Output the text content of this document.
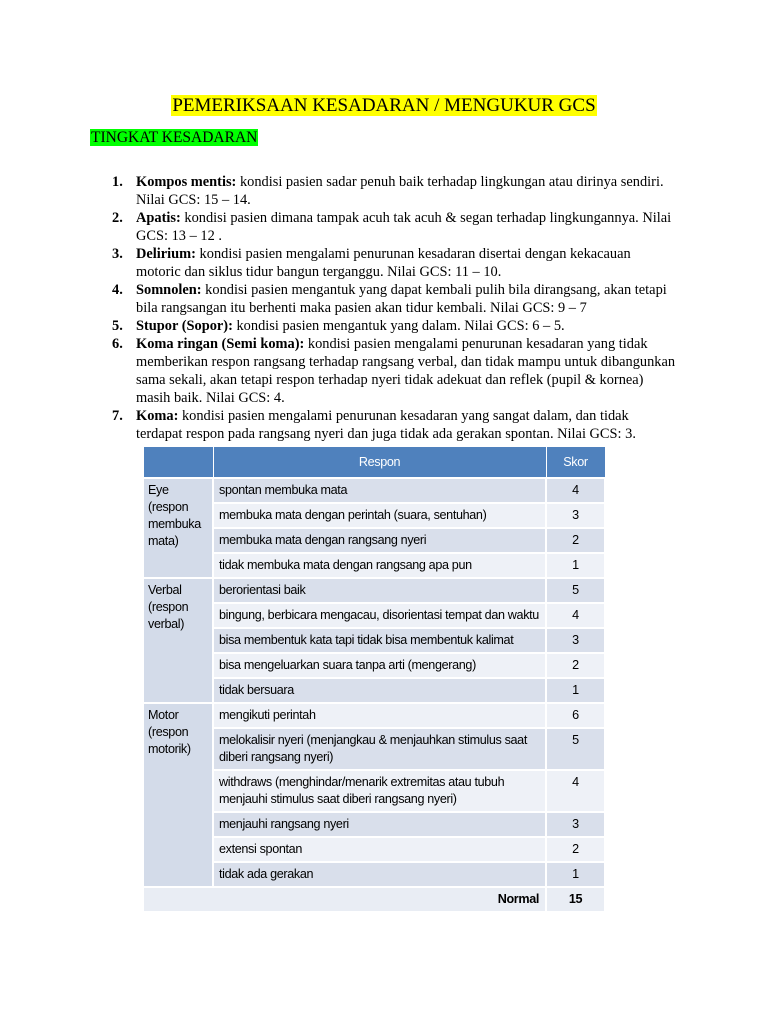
PEMERIKSAAN KESADARAN / MENGUKUR GCS
TINGKAT KESADARAN
1. Kompos mentis: kondisi pasien sadar penuh baik terhadap lingkungan atau dirinya sendiri. Nilai GCS: 15 – 14.
2. Apatis: kondisi pasien dimana tampak acuh tak acuh & segan terhadap lingkungannya. Nilai GCS: 13 – 12 .
3. Delirium: kondisi pasien mengalami penurunan kesadaran disertai dengan kekacauan motoric dan siklus tidur bangun terganggu. Nilai GCS: 11 – 10.
4. Somnolen: kondisi pasien mengantuk yang dapat kembali pulih bila dirangsang, akan tetapi bila rangsangan itu berhenti maka pasien akan tidur kembali. Nilai GCS: 9 – 7
5. Stupor (Sopor): kondisi pasien mengantuk yang dalam. Nilai GCS: 6 – 5.
6. Koma ringan (Semi koma): kondisi pasien mengalami penurunan kesadaran yang tidak memberikan respon rangsang terhadap rangsang verbal, dan tidak mampu untuk dibangunkan sama sekali, akan tetapi respon terhadap nyeri tidak adekuat dan reflek (pupil & kornea) masih baik. Nilai GCS: 4.
7. Koma: kondisi pasien mengalami penurunan kesadaran yang sangat dalam, dan tidak terdapat respon pada rangsang nyeri dan juga tidak ada gerakan spontan. Nilai GCS: 3.
	Respon	Skor
Eye (respon membuka mata)	spontan membuka mata	4
	membuka mata dengan perintah (suara, sentuhan)	3
	membuka mata dengan rangsang nyeri	2
	tidak membuka mata dengan rangsang apa pun	1
Verbal (respon verbal)	berorientasi baik	5
	bingung, berbicara mengacau, disorientasi tempat dan waktu	4
	bisa membentuk kata tapi tidak bisa membentuk kalimat	3
	bisa mengeluarkan suara tanpa arti (mengerang)	2
	tidak bersuara	1
Motor (respon motorik)	mengikuti perintah	6
	melokalisir nyeri (menjangkau & menjauhkan stimulus saat diberi rangsang nyeri)	5
	withdraws (menghindar/menarik extremitas atau tubuh menjauhi stimulus saat diberi rangsang nyeri)	4
	menjauhi rangsang nyeri	3
	extensi spontan	2
	tidak ada gerakan	1
Normal		15
